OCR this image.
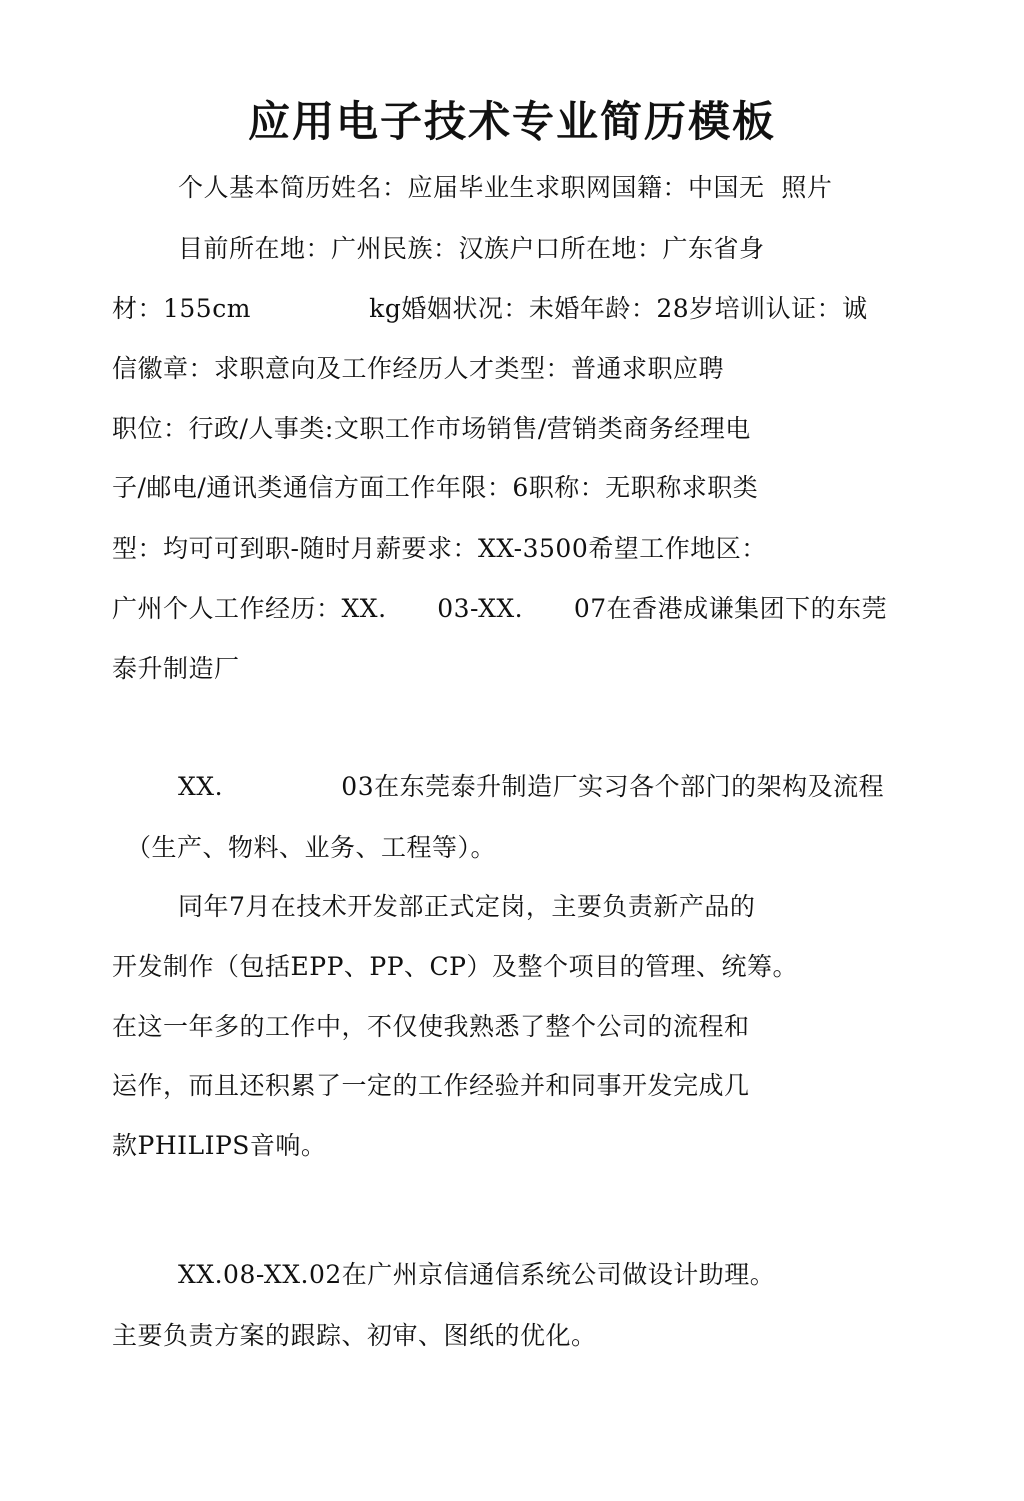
应用电子技术专业简历模板

个人基本简历姓名：应届毕业生求职网国籍：中国无  照片

目前所在地：广州民族：汉族户口所在地：广东省身

材：155cm              kg婚姻状况：未婚年龄：28岁培训认证：诚

信徽章：求职意向及工作经历人才类型：普通求职应聘

职位：行政/人事类:文职工作市场销售/营销类商务经理电

子/邮电/通讯类通信方面工作年限：6职称：无职称求职类

型：均可可到职-随时月薪要求：XX-3500希望工作地区：

广州个人工作经历：XX.      03-XX.      07在香港成谦集团下的东莞

泰升制造厂

XX.              03在东莞泰升制造厂实习各个部门的架构及流程

（生产、物料、业务、工程等）。

同年7月在技术开发部正式定岗，主要负责新产品的

开发制作（包括EPP、PP、CP）及整个项目的管理、统筹。

在这一年多的工作中，不仅使我熟悉了整个公司的流程和

运作，而且还积累了一定的工作经验并和同事开发完成几

款PHILIPS音响。

XX.08-XX.02在广州京信通信系统公司做设计助理。

主要负责方案的跟踪、初审、图纸的优化。
